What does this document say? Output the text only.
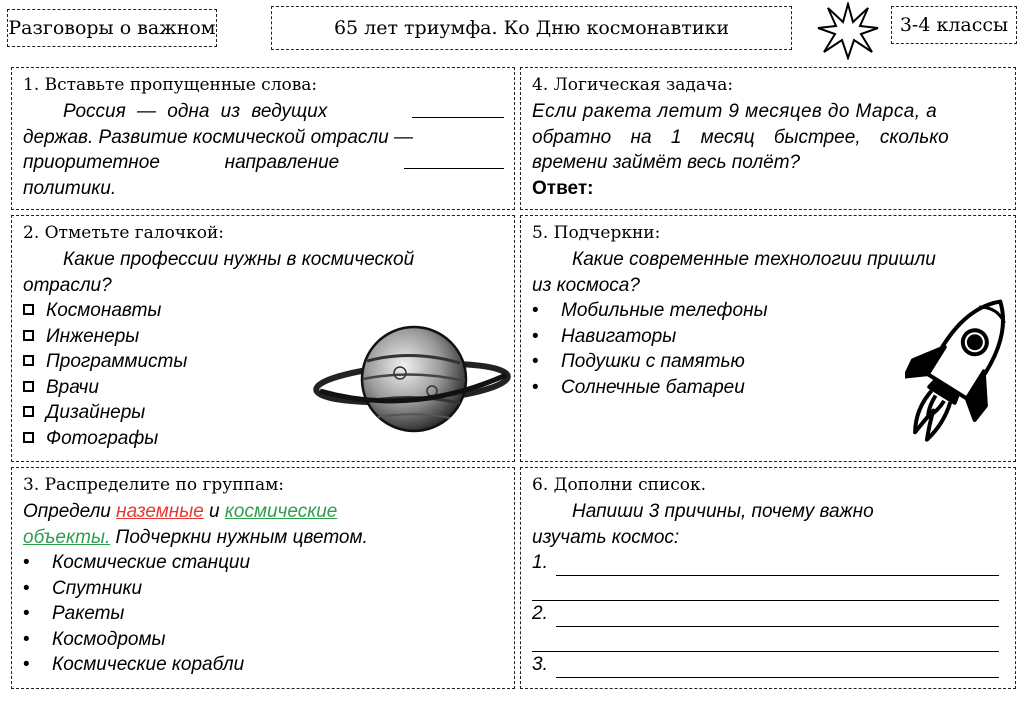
Разговоры о важном	65 лет триумфа. Ко Дню космонавтики	3-4 классы
1. Вставьте пропущенные слова:
Россия — одна из ведущих
держав. Развитие космической отрасли —
приоритетное	направление
политики.
4. Логическая задача:
Если ракета летит 9 месяцев до Марса, а
обратно на 1 месяц быстрее, сколько
времени займёт весь полёт?
Ответ:
2. Отметьте галочкой:
Какие профессии нужны в космической
отрасли?
Космонавты
Инженеры
Программисты
Врачи
Дизайнеры
Фотографы
5. Подчеркни:
Какие современные технологии пришли
из космоса?
• Мобильные телефоны
• Навигаторы
• Подушки с памятью
• Солнечные батареи
3. Распределите по группам:
Определи наземные и космические
объекты. Подчеркни нужным цветом.
• Космические станции
• Спутники
• Ракеты
• Космодромы
• Космические корабли
6. Дополни список.
Напиши 3 причины, почему важно
изучать космос:
1.
2.
3.
